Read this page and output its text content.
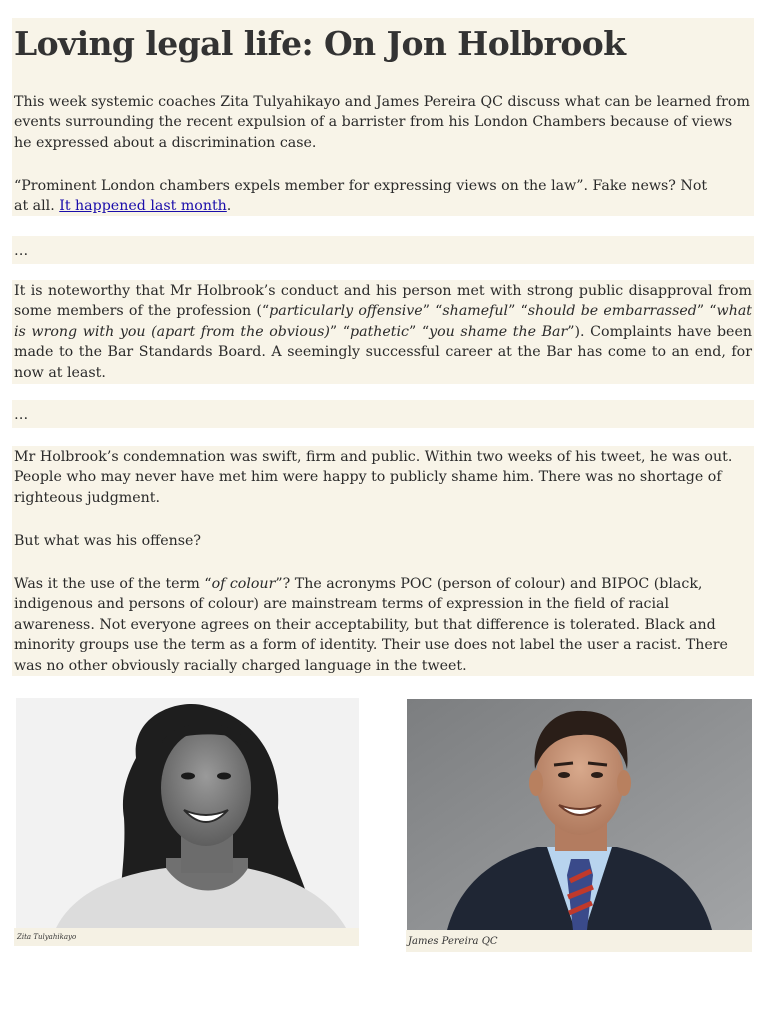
Loving legal life: On Jon Holbrook

This week systemic coaches Zita Tulyahikayo and James Pereira QC discuss what can be learned from events surrounding the recent expulsion of a barrister from his London Chambers because of views he expressed about a discrimination case.

“Prominent London chambers expels member for expressing views on the law”. Fake news? Not at all. It happened last month.

…

It is noteworthy that Mr Holbrook’s conduct and his person met with strong public disapproval from some members of the profession (“particularly offensive” “shameful” “should be embarrassed” “what is wrong with you (apart from the obvious)” “pathetic” “you shame the Bar”). Complaints have been made to the Bar Standards Board. A seemingly successful career at the Bar has come to an end, for now at least.

…

Mr Holbrook’s condemnation was swift, firm and public. Within two weeks of his tweet, he was out. People who may never have met him were happy to publicly shame him. There was no shortage of righteous judgment.

But what was his offense?

Was it the use of the term “of colour”? The acronyms POC (person of colour) and BIPOC (black, indigenous and persons of colour) are mainstream terms of expression in the field of racial awareness. Not everyone agrees on their acceptability, but that difference is tolerated. Black and minority groups use the term as a form of identity. Their use does not label the user a racist. There was no other obviously racially charged language in the tweet.

Zita Tulyahikayo	James Pereira QC
